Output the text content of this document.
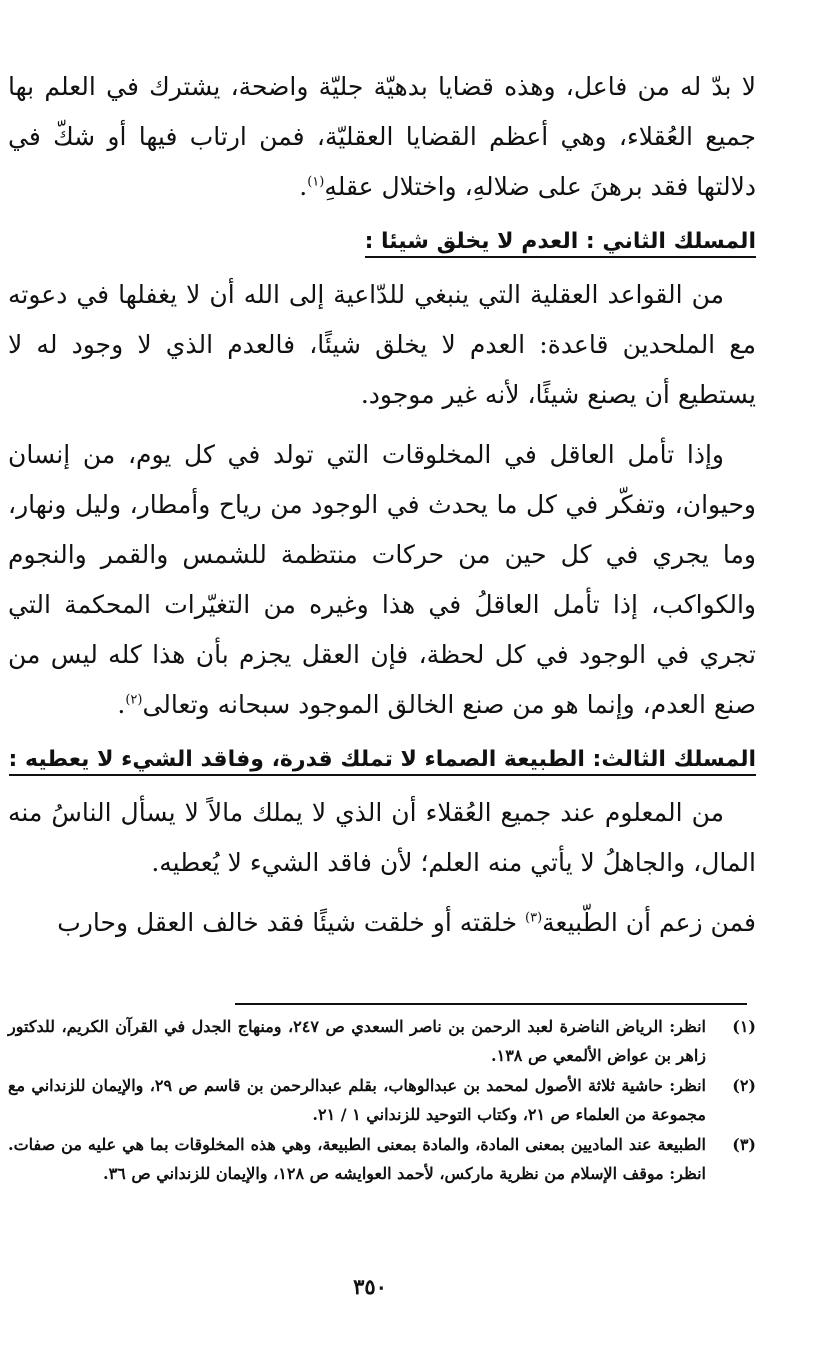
لا بدّ له من فاعل، وهذه قضايا بدهيّة جليّة واضحة، يشترك في العلم بها جميع العُقلاء، وهي أعظم القضايا العقليّة، فمن ارتاب فيها أو شكّ في دلالتها فقد برهنَ على ضلالهِ، واختلال عقلهِ$^{(١)}$.

المسلك الثاني : العدم لا يخلق شيئا :

من القواعد العقلية التي ينبغي للدّاعية إلى الله أن لا يغفلها في دعوته مع الملحدين قاعدة: العدم لا يخلق شيئًا، فالعدم الذي لا وجود له لا يستطيع أن يصنع شيئًا، لأنه غير موجود.

وإذا تأمل العاقل في المخلوقات التي تولد في كل يوم، من إنسان وحيوان، وتفكّر في كل ما يحدث في الوجود من رياح وأمطار، وليل ونهار، وما يجري في كل حين من حركات منتظمة للشمس والقمر والنجوم والكواكب، إذا تأمل العاقلُ في هذا وغيره من التغيّرات المحكمة التي تجري في الوجود في كل لحظة، فإن العقل يجزم بأن هذا كله ليس من صنع العدم، وإنما هو من صنع الخالق الموجود سبحانه وتعالى$^{(٢)}$.

المسلك الثالث: الطبيعة الصماء لا تملك قدرة، وفاقد الشيء لا يعطيه :

من المعلوم عند جميع العُقلاء أن الذي لا يملك مالاً لا يسأل الناسُ منه المال، والجاهلُ لا يأتي منه العلم؛ لأن فاقد الشيء لا يُعطيه.

فمن زعم أن الطّبيعة$^{(٣)}$ خلقته أو خلقت شيئًا فقد خالف العقل وحارب

(١)
انظر: الرياض الناضرة لعبد الرحمن بن ناصر السعدي ص ٢٤٧، ومنهاج الجدل في القرآن الكريم، للدكتور زاهر بن عواض الألمعي ص ١٣٨.
(٢)
انظر: حاشية ثلاثة الأصول لمحمد بن عبدالوهاب، بقلم عبدالرحمن بن قاسم ص ٢٩، والإيمان للزنداني مع مجموعة من العلماء ص ٢١، وكتاب التوحيد للزنداني ١ / ٢١.
(٣)
الطبيعة عند الماديين بمعنى المادة، والمادة بمعنى الطبيعة، وهي هذه المخلوقات بما هي عليه من صفات. انظر: موقف الإسلام من نظرية ماركس، لأحمد العوايشه ص ١٢٨، والإيمان للزنداني ص ٣٦.
٣٥٠
